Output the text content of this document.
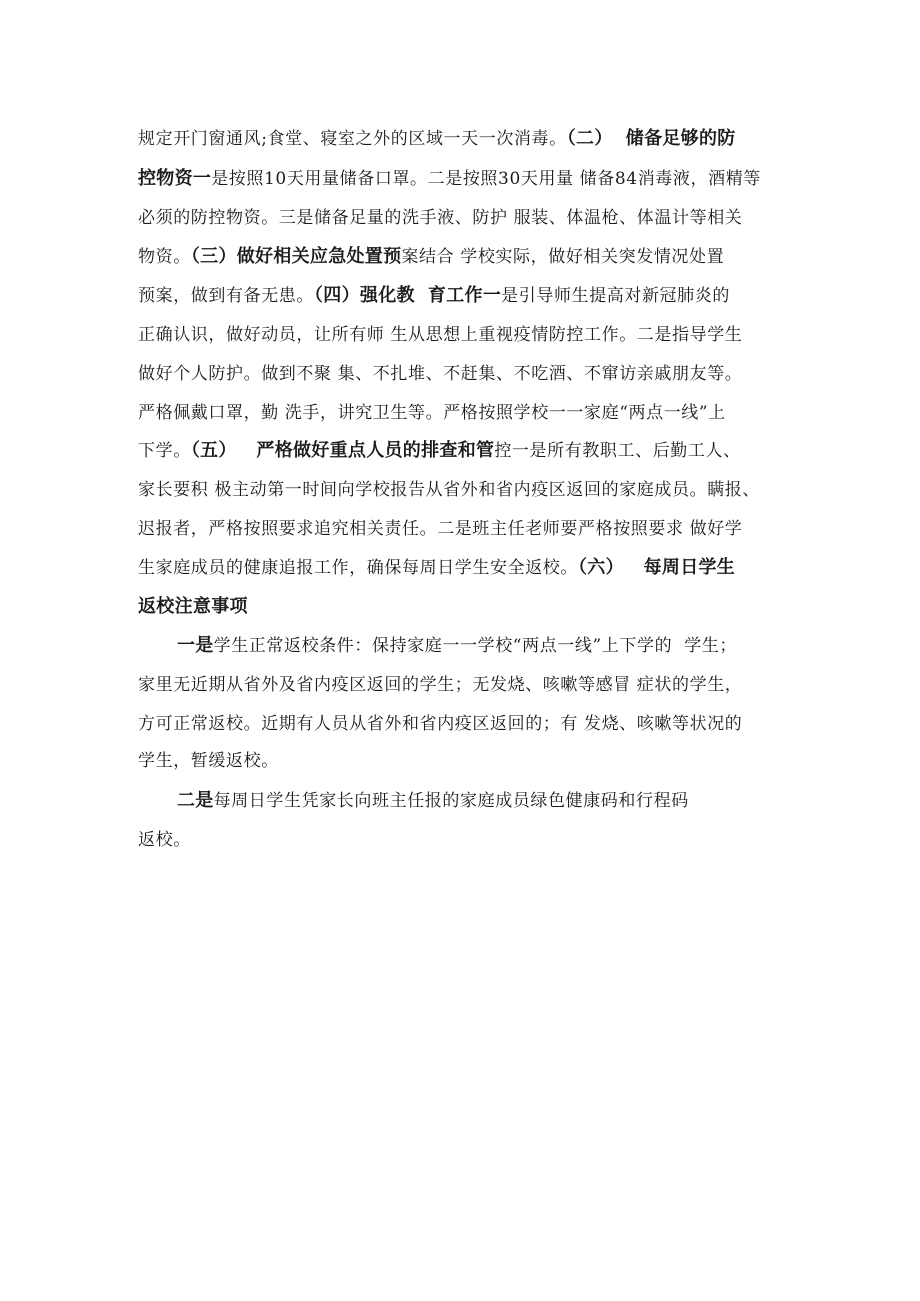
规定开门窗通风;食堂、寝室之外的区域一天一次消毒。（二）  储备足够的防
控物资一是按照10天用量储备口罩。二是按照30天用量 储备84消毒液，酒精等
必须的防控物资。三是储备足量的洗手液、防护 服装、体温枪、体温计等相关
物资。（三）做好相关应急处置预案结合 学校实际，做好相关突发情况处置
预案，做到有备无患。（四）强化教  育工作一是引导师生提高对新冠肺炎的
正确认识，做好动员，让所有师 生从思想上重视疫情防控工作。二是指导学生
做好个人防护。做到不聚 集、不扎堆、不赶集、不吃酒、不窜访亲戚朋友等。
严格佩戴口罩，勤 洗手，讲究卫生等。严格按照学校一一家庭“两点一线”上
下学。（五）   严格做好重点人员的排查和管控一是所有教职工、后勤工人、
家长要积 极主动第一时间向学校报告从省外和省内疫区返回的家庭成员。瞒报、
迟报者，严格按照要求追究相关责任。二是班主任老师要严格按照要求 做好学
生家庭成员的健康追报工作，确保每周日学生安全返校。（六）   每周日学生
返校注意事项
一是学生正常返校条件：保持家庭一一学校“两点一线”上下学的  学生；
家里无近期从省外及省内疫区返回的学生；无发烧、咳嗽等感冒 症状的学生，
方可正常返校。近期有人员从省外和省内疫区返回的；有 发烧、咳嗽等状况的
学生，暂缓返校。
二是每周日学生凭家长向班主任报的家庭成员绿色健康码和行程码
返校。
